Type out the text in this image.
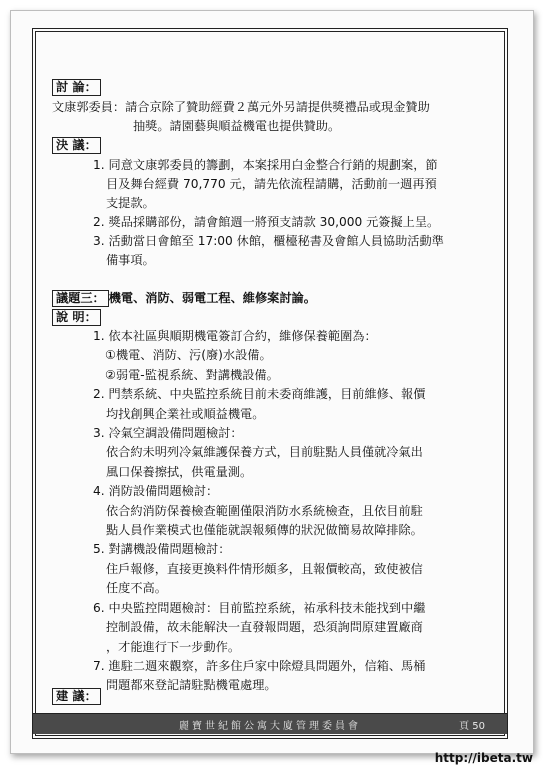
討 論：
文康郭委員：請合京除了贊助經費２萬元外另請提供獎禮品或現金贊助
抽獎。請園藝與順益機電也提供贊助。
決 議：
1. 同意文康郭委員的籌劃，本案採用白金整合行銷的規劃案，節
目及舞台經費 70,770 元，請先依流程請購，活動前一週再預
支提款。
2. 獎品採購部份，請會館週一將預支請款 30,000 元簽擬上呈。
3. 活動當日會館至 17:00 休館，櫃檯秘書及會館人員協助活動準
備事項。
議題三： 機電、消防、弱電工程、維修案討論。
說 明：
1. 依本社區與順期機電簽訂合約，維修保養範圍為：
①機電、消防、污(廢)水設備。
②弱電-監視系統、對講機設備。
2. 門禁系統、中央監控系統目前未委商維護，目前維修、報價
均找創興企業社或順益機電。
3. 冷氣空調設備問題檢討：
依合約未明列冷氣維護保養方式，目前駐點人員僅就冷氣出
風口保養擦拭，供電量測。
4. 消防設備問題檢討：
依合約消防保養檢查範圍僅限消防水系統檢查，且依目前駐
點人員作業模式也僅能就誤報頻傳的狀況做簡易故障排除。
5. 對講機設備問題檢討：
住戶報修，直接更換料件情形頗多，且報價較高，致使被信
任度不高。
6. 中央監控問題檢討：目前監控系統，祐承科技未能找到中繼
控制設備，故未能解決一直發報問題，恐須詢問原建置廠商
，才能進行下一步動作。
7. 進駐二週來觀察，許多住戶家中除燈具問題外，信箱、馬桶
問題都來登記請駐點機電處理。
建 議：
麗寶世紀館公寓大廈管理委員會	頁 50
http://ibeta.tw
